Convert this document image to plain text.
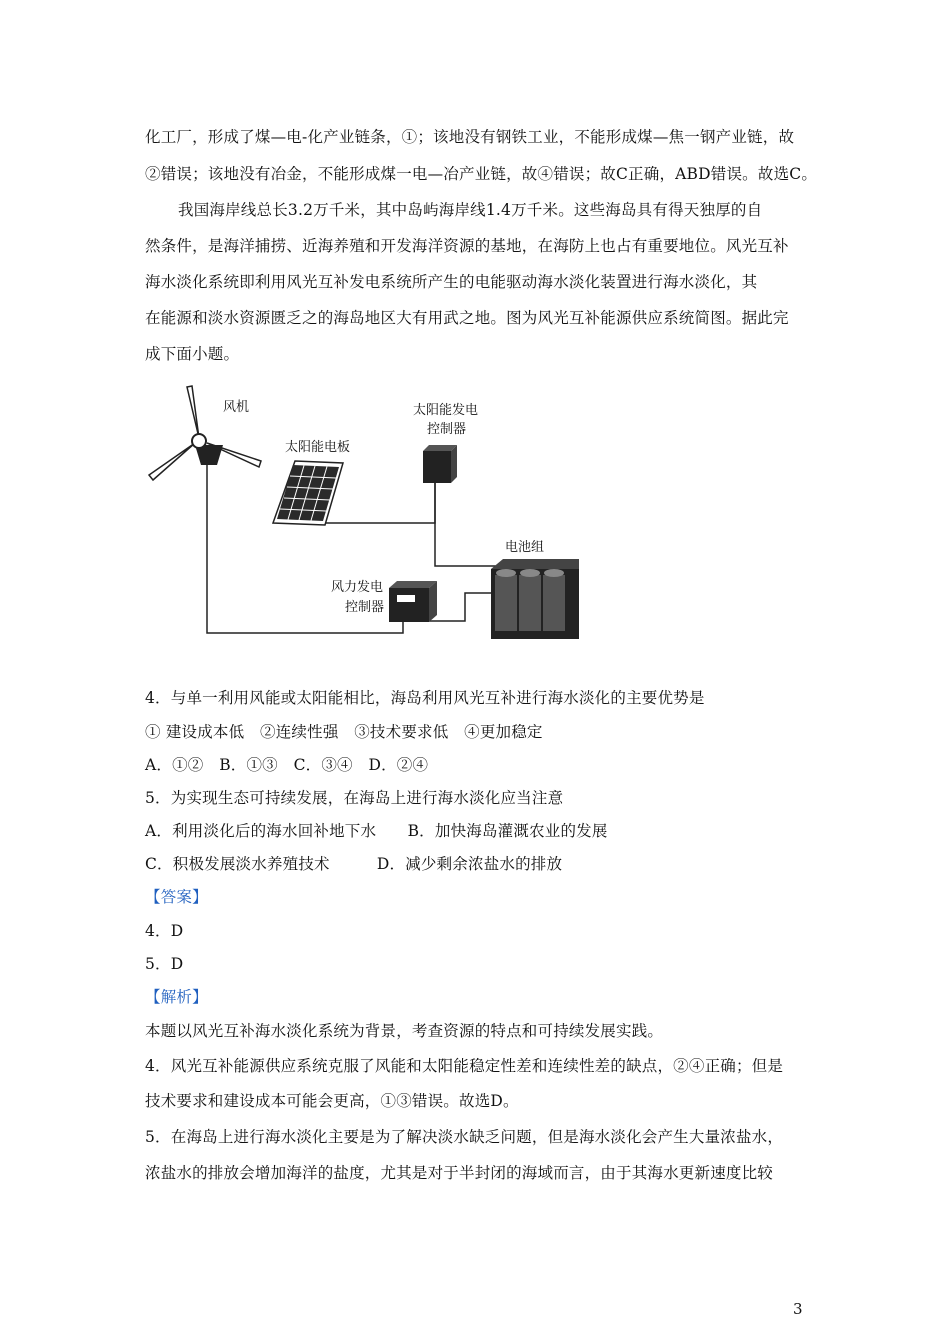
化工厂，形成了煤—电-化产业链条，①；该地没有钢铁工业，不能形成煤—焦一钢产业链，故
②错误；该地没有冶金，不能形成煤一电—冶产业链，故④错误；故C正确，ABD错误。故选C。
我国海岸线总长3.2万千米，其中岛屿海岸线1.4万千米。这些海岛具有得天独厚的自
然条件，是海洋捕捞、近海养殖和开发海洋资源的基地，在海防上也占有重要地位。风光互补
海水淡化系统即利用风光互补发电系统所产生的电能驱动海水淡化装置进行海水淡化，其
在能源和淡水资源匮乏之的海岛地区大有用武之地。图为风光互补能源供应系统简图。据此完
成下面小题。
风机
太阳能电板
太阳能发电
控制器
电池组
风力发电
控制器
4．与单一利用风能或太阳能相比，海岛利用风光互补进行海水淡化的主要优势是
① 建设成本低　②连续性强　③技术要求低　④更加稳定
A．①②　B．①③　C．③④　D．②④
5．为实现生态可持续发展，在海岛上进行海水淡化应当注意
A．利用淡化后的海水回补地下水　　B．加快海岛灌溉农业的发展
C．积极发展淡水养殖技术　　　D．减少剩余浓盐水的排放
【答案】
4．D
5．D
【解析】
本题以风光互补海水淡化系统为背景，考查资源的特点和可持续发展实践。
4．风光互补能源供应系统克服了风能和太阳能稳定性差和连续性差的缺点，②④正确；但是
技术要求和建设成本可能会更高，①③错误。故选D。
5．在海岛上进行海水淡化主要是为了解决淡水缺乏问题，但是海水淡化会产生大量浓盐水，
浓盐水的排放会增加海洋的盐度，尤其是对于半封闭的海域而言，由于其海水更新速度比较
3
